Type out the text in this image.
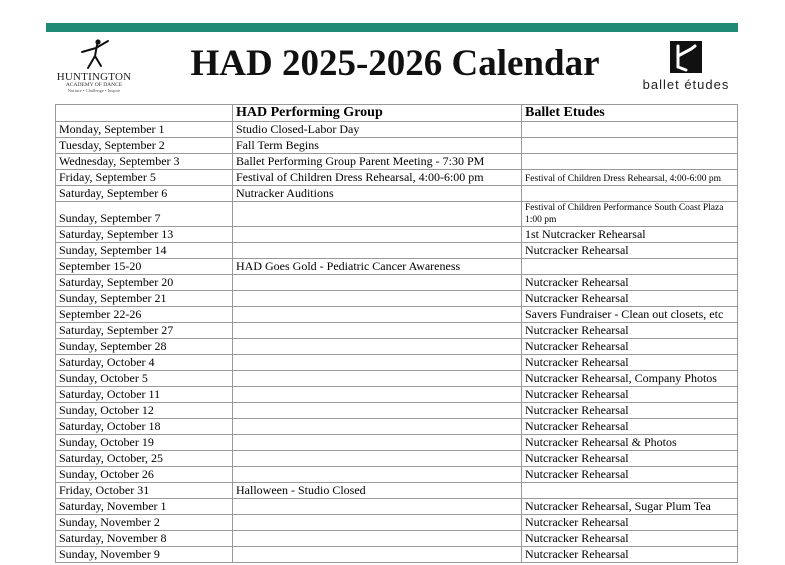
HUNTINGTON
ACADEMY OF DANCE
Nurture • Challenge • Inspire
HAD 2025-2026 Calendar
ballet études
	HAD Performing Group	Ballet Etudes
Monday, September 1	Studio Closed-Labor Day	
Tuesday, September 2	Fall Term Begins	
Wednesday, September 3	Ballet Performing Group Parent Meeting - 7:30 PM	
Friday, September 5	Festival of Children Dress Rehearsal, 4:00-6:00 pm	Festival of Children Dress Rehearsal, 4:00-6:00 pm
Saturday, September 6	Nutracker Auditions	
Sunday, September 7		Festival of Children Performance South Coast Plaza 1:00 pm
Saturday, September 13		1st Nutcracker Rehearsal
Sunday, September 14		Nutcracker Rehearsal
September 15-20	HAD Goes Gold - Pediatric Cancer Awareness	
Saturday, September 20		Nutcracker Rehearsal
Sunday, September 21		Nutcracker Rehearsal
September 22-26		Savers Fundraiser - Clean out closets, etc
Saturday, September 27		Nutcracker Rehearsal
Sunday, September 28		Nutcracker Rehearsal
Saturday, October 4		Nutcracker Rehearsal
Sunday, October 5		Nutcracker Rehearsal, Company Photos
Saturday, October 11		Nutcracker Rehearsal
Sunday, October 12		Nutcracker Rehearsal
Saturday, October 18		Nutcracker Rehearsal
Sunday, October 19		Nutcracker Rehearsal & Photos
Saturday, October, 25		Nutcracker Rehearsal
Sunday, October 26		Nutcracker Rehearsal
Friday, October 31	Halloween - Studio Closed	
Saturday, November 1		Nutcracker Rehearsal, Sugar Plum Tea
Sunday, November 2		Nutcracker Rehearsal
Saturday, November 8		Nutcracker Rehearsal
Sunday, November 9		Nutcracker Rehearsal
